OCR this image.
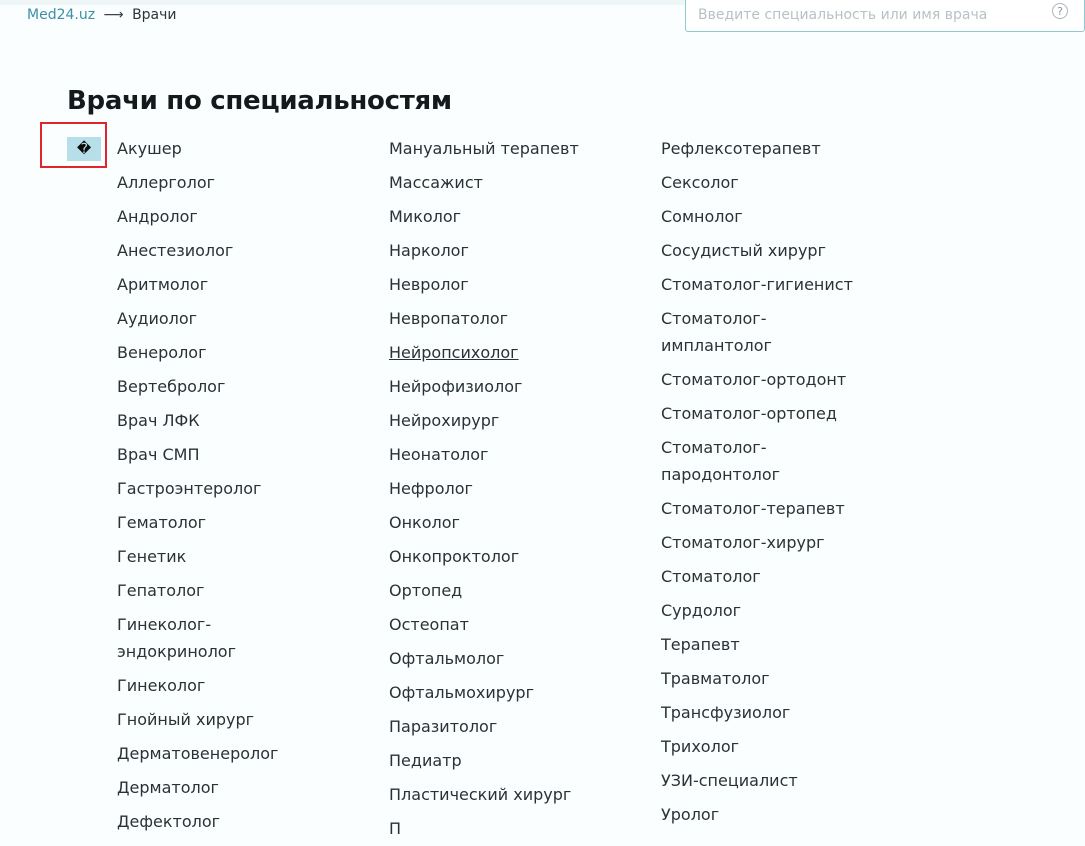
Med24.uz ⟶ Врачи
Введите специальность или имя врача	?
Врачи по специальностям
�	Акушер
Аллерголог
Андролог
Анестезиолог
Аритмолог
Аудиолог
Венеролог
Вертебролог
Врач ЛФК
Врач СМП
Гастроэнтеролог
Гематолог
Генетик
Гепатолог
Гинеколог-эндокринолог
Гинеколог
Гнойный хирург
Дерматовенеролог
Дерматолог
Дефектолог
Мануальный терапевт
Массажист
Миколог
Нарколог
Невролог
Невропатолог
Нейропсихолог
Нейрофизиолог
Нейрохирург
Неонатолог
Нефролог
Онколог
Онкопроктолог
Ортопед
Остеопат
Офтальмолог
Офтальмохирург
Паразитолог
Педиатр
Пластический хирург
П
Рефлексотерапевт
Сексолог
Сомнолог
Сосудистый хирург
Стоматолог-гигиенист
Стоматолог-имплантолог
Стоматолог-ортодонт
Стоматолог-ортопед
Стоматолог-пародонтолог
Стоматолог-терапевт
Стоматолог-хирург
Стоматолог
Сурдолог
Терапевт
Травматолог
Трансфузиолог
Трихолог
УЗИ-специалист
Уролог
